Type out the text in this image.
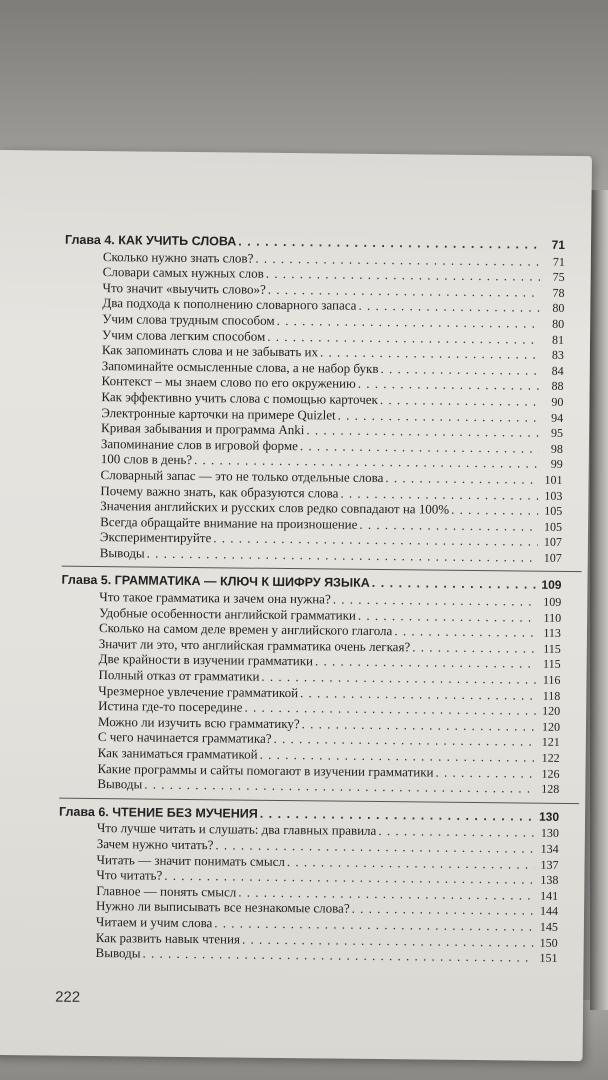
Глава 4. КАК УЧИТЬ СЛОВА . . .	71
Сколько нужно знать слов? . . .	71
Словари самых нужных слов . . .	75
Что значит «выучить слово»? . . .	78
Два подхода к пополнению словарного запаса . . .	80
Учим слова трудным способом . . .	80
Учим слова легким способом . . .	81
Как запоминать слова и не забывать их . . .	83
Запоминайте осмысленные слова, а не набор букв . . .	84
Контекст – мы знаем слово по его окружению . . .	88
Как эффективно учить слова с помощью карточек . . .	90
Электронные карточки на примере Quizlet . . .	94
Кривая забывания и программа Anki . . .	95
Запоминание слов в игровой форме . . .	98
100 слов в день? . . .	99
Словарный запас — это не только отдельные слова . . .	101
Почему важно знать, как образуются слова . . .	103
Значения английских и русских слов редко совпадают на 100% . . .	105
Всегда обращайте внимание на произношение . . .	105
Экспериментируйте . . .	107
Выводы . . .	107
Глава 5. ГРАММАТИКА — КЛЮЧ К ШИФРУ ЯЗЫКА . . .	109
Что такое грамматика и зачем она нужна? . . .	109
Удобные особенности английской грамматики . . .	110
Сколько на самом деле времен у английского глагола . . .	113
Значит ли это, что английская грамматика очень легкая? . . .	115
Две крайности в изучении грамматики . . .	115
Полный отказ от грамматики . . .	116
Чрезмерное увлечение грамматикой . . .	118
Истина где-то посередине . . .	120
Можно ли изучить всю грамматику? . . .	120
С чего начинается грамматика? . . .	121
Как заниматься грамматикой . . .	122
Какие программы и сайты помогают в изучении грамматики . . .	126
Выводы . . .	128
Глава 6. ЧТЕНИЕ БЕЗ МУЧЕНИЯ . . .	130
Что лучше читать и слушать: два главных правила . . .	130
Зачем нужно читать? . . .	134
Читать — значит понимать смысл . . .	137
Что читать? . . .	138
Главное — понять смысл . . .	141
Нужно ли выписывать все незнакомые слова? . . .	144
Читаем и учим слова . . .	145
Как развить навык чтения . . .	150
Выводы . . .	151
222
